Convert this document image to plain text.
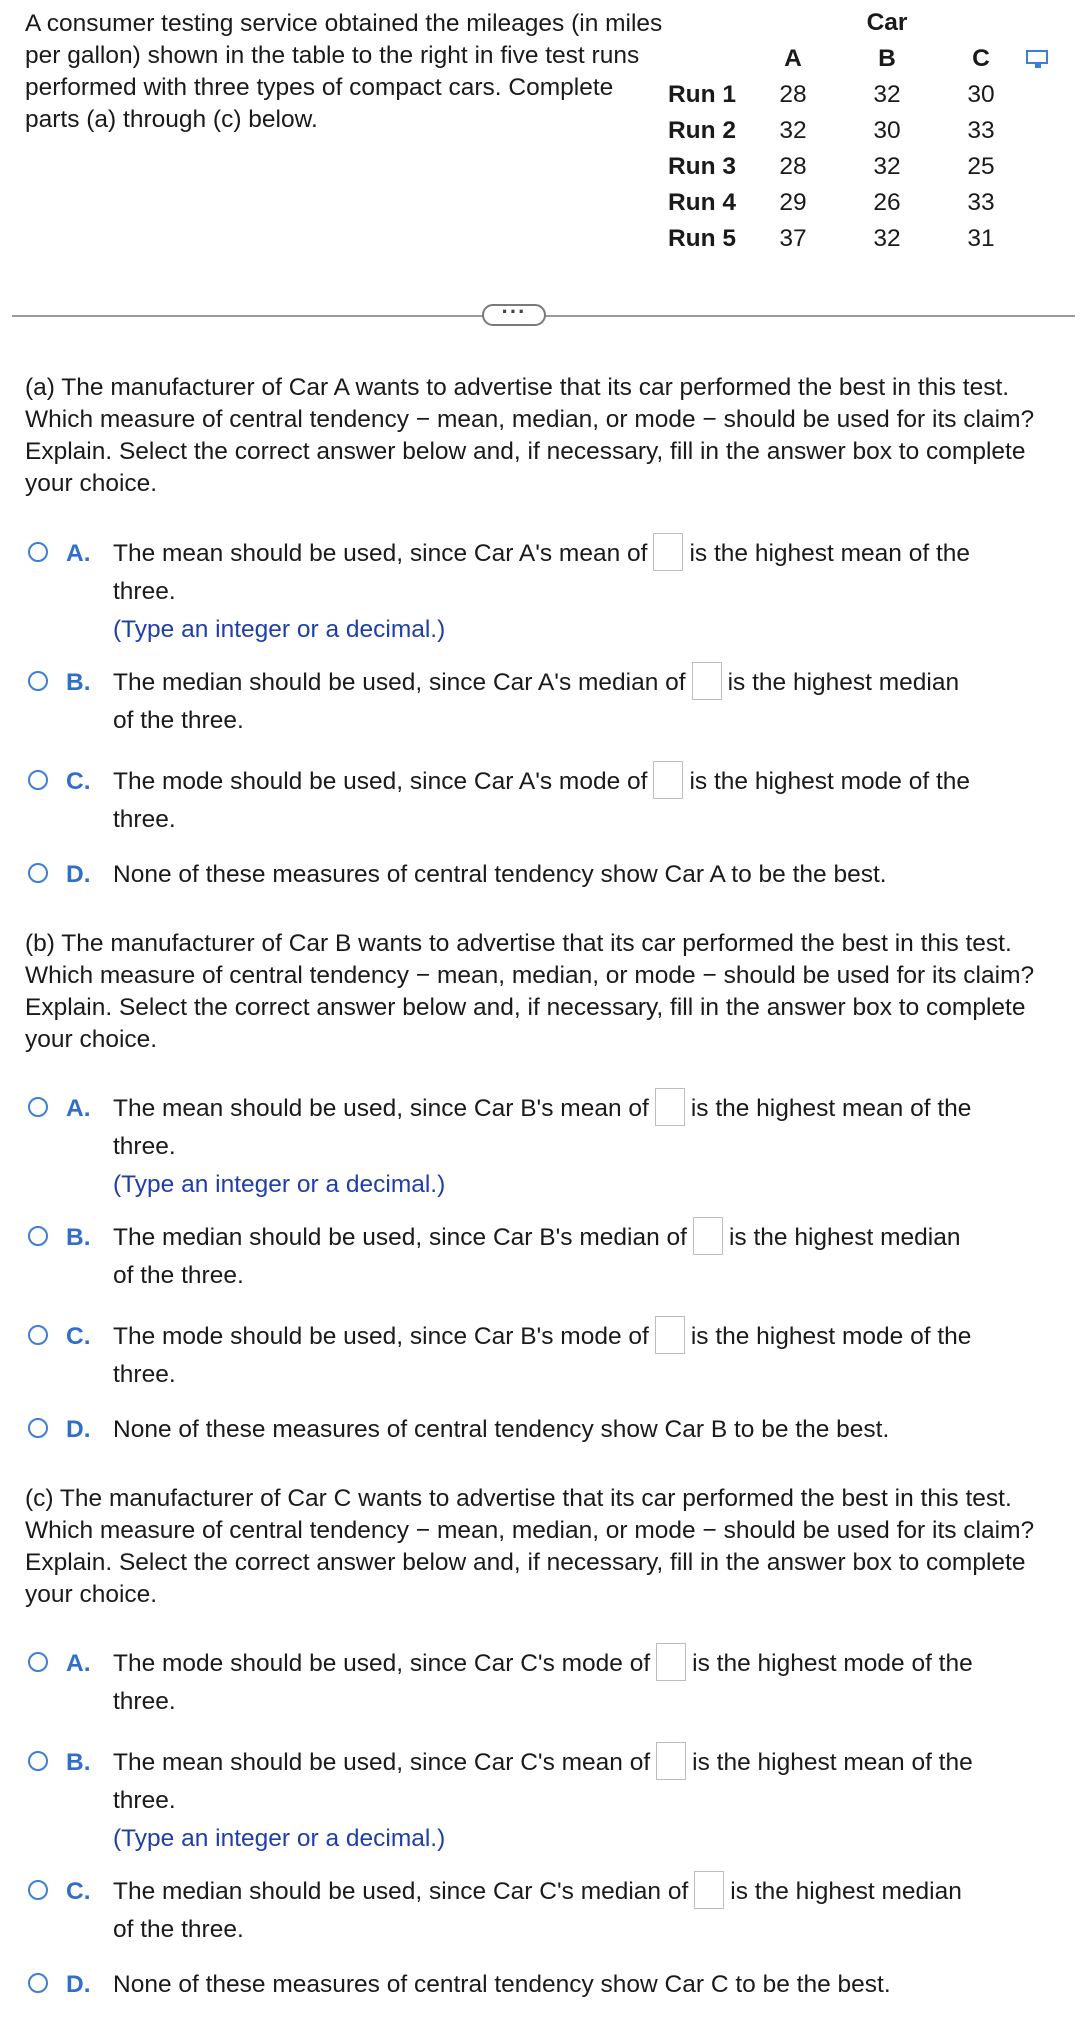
A consumer testing service obtained the mileages (in miles per gallon) shown in the table to the right in five test runs performed with three types of compact cars. Complete parts (a) through (c) below.
		Car	
	A	B	C
Run 1	28	32	30
Run 2	32	30	33
Run 3	28	32	25
Run 4	29	26	33
Run 5	37	32	31
···
(a) The manufacturer of Car A wants to advertise that its car performed the best in this test. Which measure of central tendency − mean, median, or mode − should be used for its claim? Explain. Select the correct answer below and, if necessary, fill in the answer box to complete your choice.
A. The mean should be used, since Car A's mean of is the highest mean of the
three.
(Type an integer or a decimal.)
B. The median should be used, since Car A's median of is the highest median
of the three.
C. The mode should be used, since Car A's mode of is the highest mode of the
three.
D. None of these measures of central tendency show Car A to be the best.
(b) The manufacturer of Car B wants to advertise that its car performed the best in this test. Which measure of central tendency − mean, median, or mode − should be used for its claim? Explain. Select the correct answer below and, if necessary, fill in the answer box to complete your choice.
A. The mean should be used, since Car B's mean of is the highest mean of the
three.
(Type an integer or a decimal.)
B. The median should be used, since Car B's median of is the highest median
of the three.
C. The mode should be used, since Car B's mode of is the highest mode of the
three.
D. None of these measures of central tendency show Car B to be the best.
(c) The manufacturer of Car C wants to advertise that its car performed the best in this test. Which measure of central tendency − mean, median, or mode − should be used for its claim? Explain. Select the correct answer below and, if necessary, fill in the answer box to complete your choice.
A. The mode should be used, since Car C's mode of is the highest mode of the
three.
B. The mean should be used, since Car C's mean of is the highest mean of the
three.
(Type an integer or a decimal.)
C. The median should be used, since Car C's median of is the highest median
of the three.
D. None of these measures of central tendency show Car C to be the best.
